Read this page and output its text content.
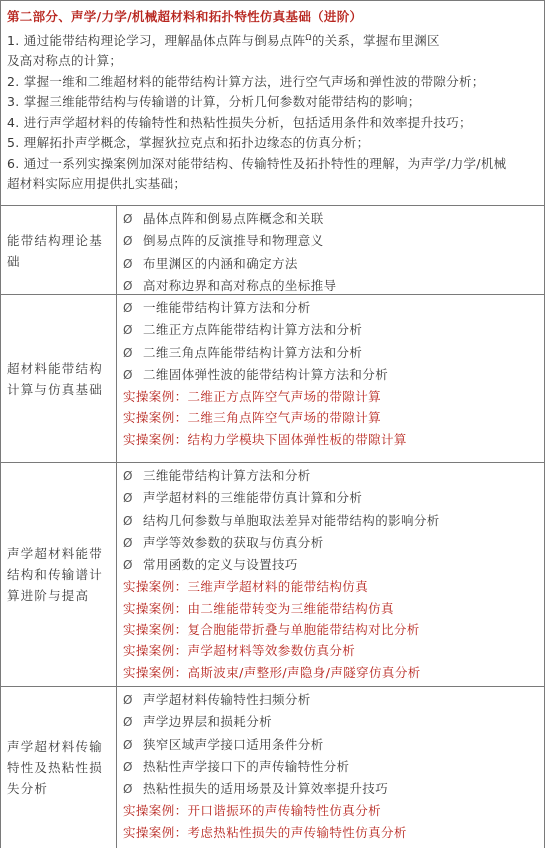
第二部分、声学/力学/机械超材料和拓扑特性仿真基础（进阶）

1. 通过能带结构理论学习，理解晶体点阵与倒易点阵$^\Omega$的关系，掌握布里渊区

及高对称点的计算；

2. 掌握一维和二维超材料的能带结构计算方法，进行空气声场和弹性波的带隙分析；

3. 掌握三维能带结构与传输谱的计算，分析几何参数对能带结构的影响；

4. 进行声学超材料的传输特性和热粘性损失分析，包括适用条件和效率提升技巧；

5. 理解拓扑声学概念，掌握狄拉克点和拓扑边缘态的仿真分析；

6. 通过一系列实操案例加深对能带结构、传输特性及拓扑特性的理解，为声学/力学/机械

超材料实际应用提供扎实基础；

能带结构理论基础
Ø 晶体点阵和倒易点阵概念和关联
Ø 倒易点阵的反演推导和物理意义
Ø 布里渊区的内涵和确定方法
Ø 高对称边界和高对称点的坐标推导
超材料能带结构计算与仿真基础
Ø 一维能带结构计算方法和分析
Ø 二维正方点阵能带结构计算方法和分析
Ø 二维三角点阵能带结构计算方法和分析
Ø 二维固体弹性波的能带结构计算方法和分析
实操案例：二维正方点阵空气声场的带隙计算
实操案例：二维三角点阵空气声场的带隙计算
实操案例：结构力学模块下固体弹性板的带隙计算
声学超材料能带结构和传输谱计算进阶与提高
Ø 三维能带结构计算方法和分析
Ø 声学超材料的三维能带仿真计算和分析
Ø 结构几何参数与单胞取法差异对能带结构的影响分析
Ø 声学等效参数的获取与仿真分析
Ø 常用函数的定义与设置技巧
实操案例：三维声学超材料的能带结构仿真
实操案例：由二维能带转变为三维能带结构仿真
实操案例：复合胞能带折叠与单胞能带结构对比分析
实操案例：声学超材料等效参数仿真分析
实操案例：高斯波束/声整形/声隐身/声隧穿仿真分析
声学超材料传输特性及热粘性损失分析
Ø 声学超材料传输特性扫频分析
Ø 声学边界层和损耗分析
Ø 狭窄区域声学接口适用条件分析
Ø 热粘性声学接口下的声传输特性分析
Ø 热粘性损失的适用场景及计算效率提升技巧
实操案例：开口谐振环的声传输特性仿真分析
实操案例：考虑热粘性损失的声传输特性仿真分析
